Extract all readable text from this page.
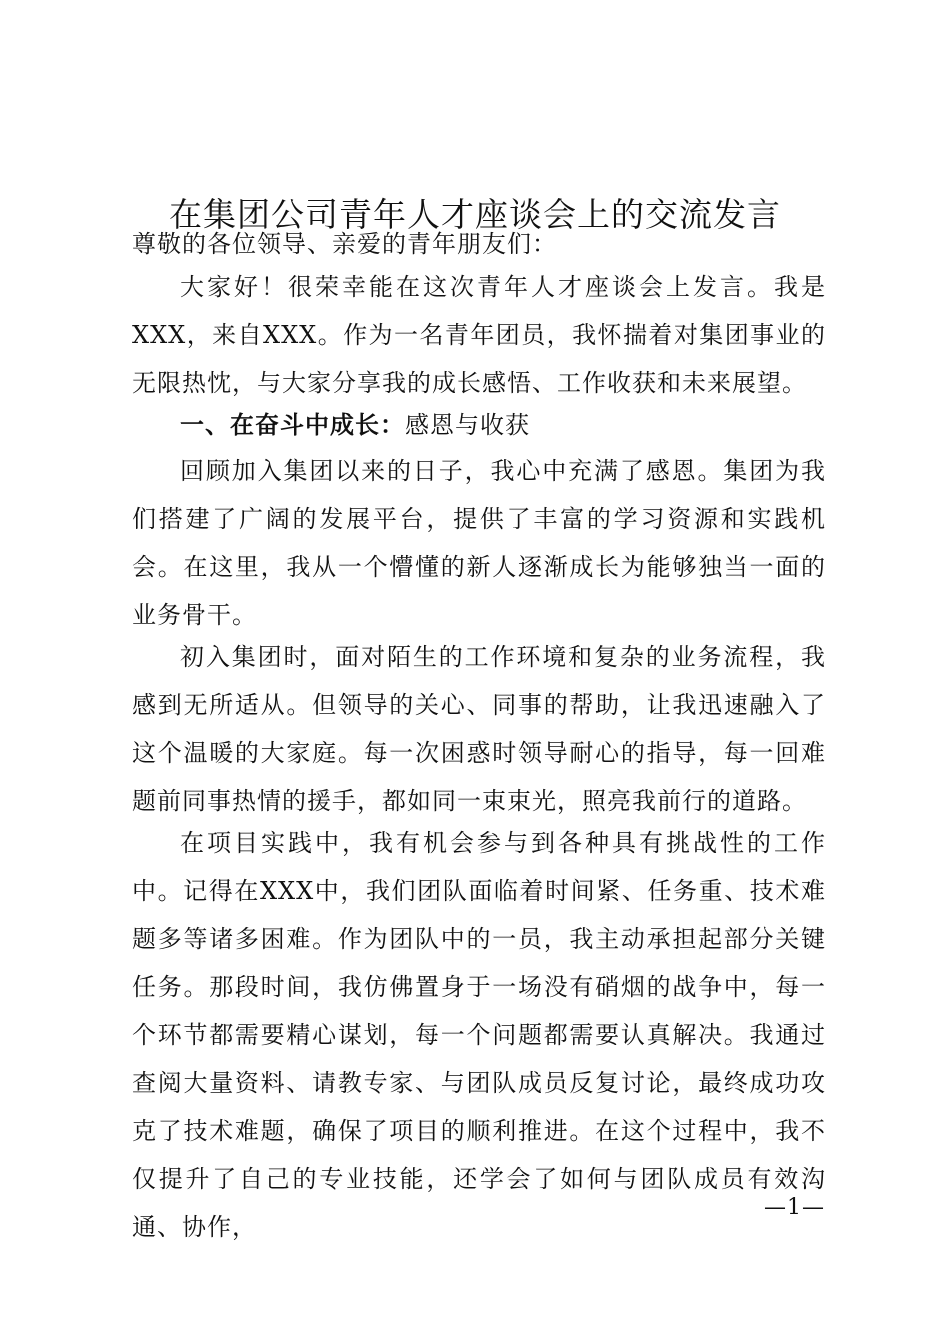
在集团公司青年人才座谈会上的交流发言
尊敬的各位领导、亲爱的青年朋友们：

大家好！很荣幸能在这次青年人才座谈会上发言。我是XXX，来自XXX。作为一名青年团员，我怀揣着对集团事业的无限热忱，与大家分享我的成长感悟、工作收获和未来展望。

一、在奋斗中成长：感恩与收获

回顾加入集团以来的日子，我心中充满了感恩。集团为我们搭建了广阔的发展平台，提供了丰富的学习资源和实践机会。在这里，我从一个懵懂的新人逐渐成长为能够独当一面的业务骨干。

初入集团时，面对陌生的工作环境和复杂的业务流程，我感到无所适从。但领导的关心、同事的帮助，让我迅速融入了这个温暖的大家庭。每一次困惑时领导耐心的指导，每一回难题前同事热情的援手，都如同一束束光，照亮我前行的道路。

在项目实践中，我有机会参与到各种具有挑战性的工作中。记得在XXX中，我们团队面临着时间紧、任务重、技术难题多等诸多困难。作为团队中的一员，我主动承担起部分关键任务。那段时间，我仿佛置身于一场没有硝烟的战争中，每一个环节都需要精心谋划，每一个问题都需要认真解决。我通过查阅大量资料、请教专家、与团队成员反复讨论，最终成功攻克了技术难题，确保了项目的顺利推进。在这个过程中，我不仅提升了自己的专业技能，还学会了如何与团队成员有效沟通、协作，

—1—
